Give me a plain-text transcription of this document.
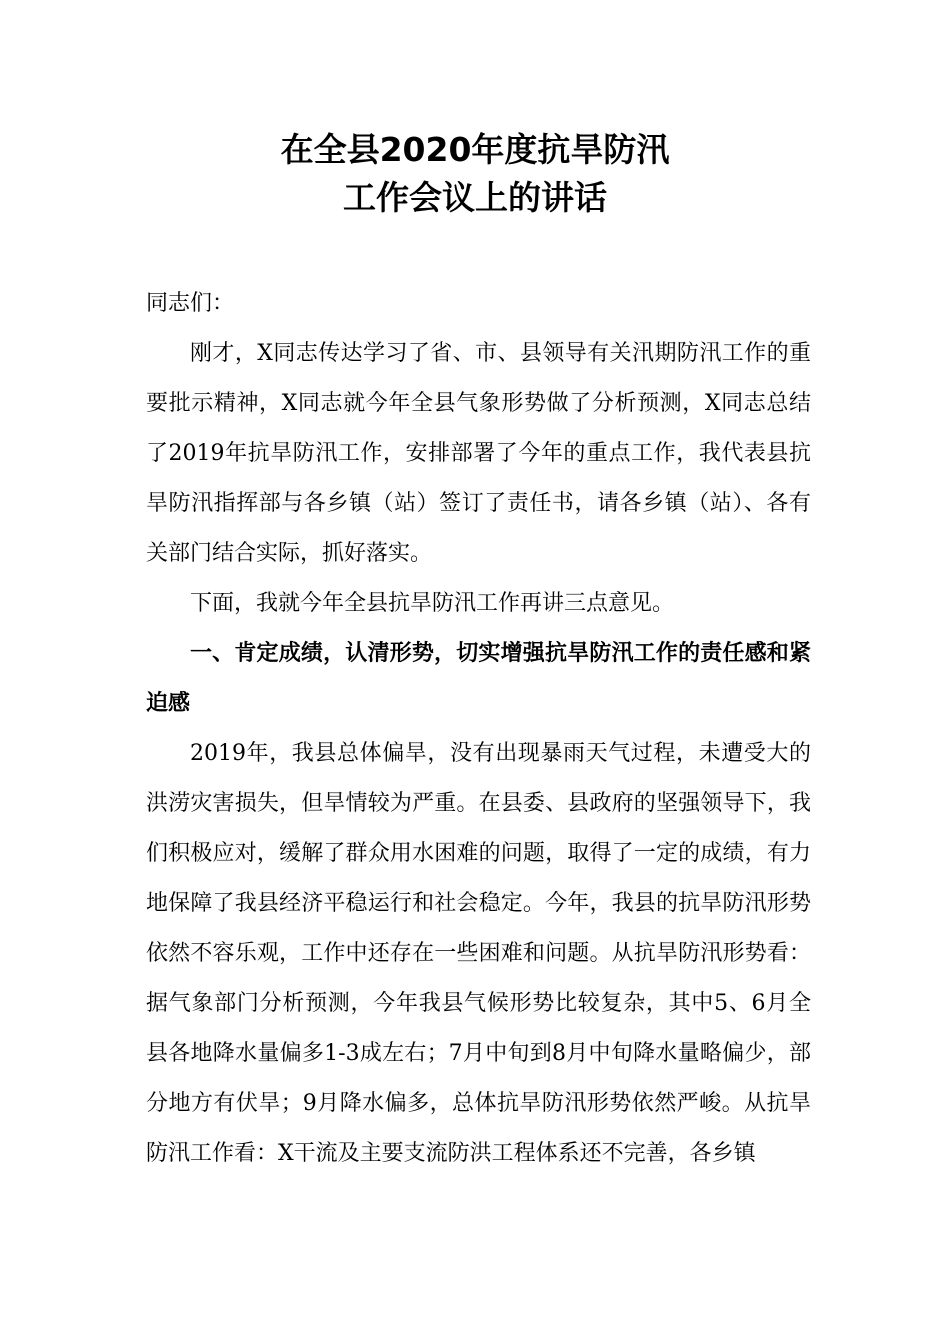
在全县2020年度抗旱防汛
工作会议上的讲话

同志们：

刚才，X同志传达学习了省、市、县领导有关汛期防汛工作的重要批示精神，X同志就今年全县气象形势做了分析预测，X同志总结了2019年抗旱防汛工作，安排部署了今年的重点工作，我代表县抗旱防汛指挥部与各乡镇（站）签订了责任书，请各乡镇（站）、各有关部门结合实际，抓好落实。

下面，我就今年全县抗旱防汛工作再讲三点意见。

一、肯定成绩，认清形势，切实增强抗旱防汛工作的责任感和紧迫感

2019年，我县总体偏旱，没有出现暴雨天气过程，未遭受大的洪涝灾害损失，但旱情较为严重。在县委、县政府的坚强领导下，我们积极应对，缓解了群众用水困难的问题，取得了一定的成绩，有力地保障了我县经济平稳运行和社会稳定。今年，我县的抗旱防汛形势依然不容乐观，工作中还存在一些困难和问题。从抗旱防汛形势看：据气象部门分析预测，今年我县气候形势比较复杂，其中5、6月全县各地降水量偏多1-3成左右；7月中旬到8月中旬降水量略偏少，部分地方有伏旱；9月降水偏多，总体抗旱防汛形势依然严峻。从抗旱防汛工作看：X干流及主要支流防洪工程体系还不完善，各乡镇
